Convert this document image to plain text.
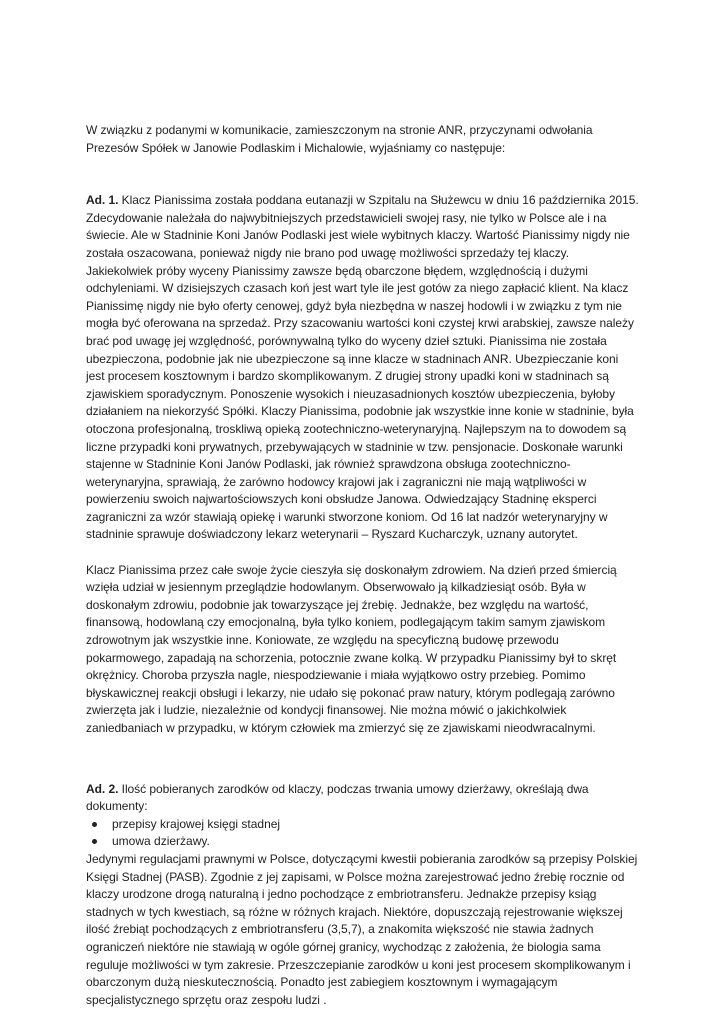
W związku z podanymi w komunikacie, zamieszczonym na stronie ANR, przyczynami odwołania Prezesów Spółek w Janowie Podlaskim i Michalowie, wyjaśniamy co następuje:

Ad. 1. Klacz Pianissima została poddana eutanazji w Szpitalu na Służewcu w dniu 16 października 2015. Zdecydowanie należała do najwybitniejszych przedstawicieli swojej rasy, nie tylko w Polsce ale i na świecie. Ale w Stadninie Koni Janów Podlaski jest wiele wybitnych klaczy. Wartość Pianissimy nigdy nie została oszacowana, ponieważ nigdy nie brano pod uwagę możliwości sprzedaży tej klaczy. Jakiekolwiek próby wyceny Pianissimy zawsze będą obarczone błędem, względnością i dużymi odchyleniami. W dzisiejszych czasach koń jest wart tyle ile jest gotów za niego zapłacić klient. Na klacz Pianissimę nigdy nie było oferty cenowej, gdyż była niezbędna w naszej hodowli i w związku z tym nie mogła być oferowana na sprzedaż. Przy szacowaniu wartości koni czystej krwi arabskiej, zawsze należy brać pod uwagę jej względność, porównywalną tylko do wyceny dzieł sztuki. Pianissima nie została ubezpieczona, podobnie jak nie ubezpieczone są inne klacze w stadninach ANR. Ubezpieczanie koni jest procesem kosztownym i bardzo skomplikowanym. Z drugiej strony upadki koni w stadninach są zjawiskiem sporadycznym. Ponoszenie wysokich i nieuzasadnionych kosztów ubezpieczenia, byłoby działaniem na niekorzyść Spółki. Klaczy Pianissima, podobnie jak wszystkie inne konie w stadninie, była otoczona profesjonalną, troskliwą opieką zootechniczno-weterynaryjną. Najlepszym na to dowodem są liczne przypadki koni prywatnych, przebywających w stadninie w tzw. pensjonacie. Doskonałe warunki stajenne w Stadninie Koni Janów Podlaski, jak również sprawdzona obsługa zootechniczno-weterynaryjna, sprawiają, że zarówno hodowcy krajowi jak i zagraniczni nie mają wątpliwości w powierzeniu swoich najwartościowszych koni obsłudze Janowa. Odwiedzający Stadninę eksperci zagraniczni za wzór stawiają opiekę i warunki stworzone koniom. Od 16 lat nadzór weterynaryjny w stadninie sprawuje doświadczony lekarz weterynarii – Ryszard Kucharczyk, uznany autorytet.

Klacz Pianissima przez całe swoje życie cieszyła się doskonałym zdrowiem. Na dzień przed śmiercią wzięła udział w jesiennym przeglądzie hodowlanym. Obserwowało ją kilkadziesiąt osób. Była w doskonałym zdrowiu, podobnie jak towarzyszące jej źrebię. Jednakże, bez względu na wartość, finansową, hodowlaną czy emocjonalną, była tylko koniem, podlegającym takim samym zjawiskom zdrowotnym jak wszystkie inne. Koniowate, ze względu na specyficzną budowę przewodu pokarmowego, zapadają na schorzenia, potocznie zwane kolką. W przypadku Pianissimy był to skręt okrężnicy. Choroba przyszła nagle, niespodziewanie i miała wyjątkowo ostry przebieg. Pomimo błyskawicznej reakcji obsługi i lekarzy, nie udało się pokonać praw natury, którym podlegają zarówno zwierzęta jak i ludzie, niezależnie od kondycji finansowej. Nie można mówić o jakichkolwiek zaniedbaniach w przypadku, w którym człowiek ma zmierzyć się ze zjawiskami nieodwracalnymi.

Ad. 2. Ilość pobieranych zarodków od klaczy, podczas trwania umowy dzierżawy, określają dwa dokumenty:

przepisy krajowej księgi stadnej
umowa dzierżawy.

Jedynymi regulacjami prawnymi w Polsce, dotyczącymi kwestii pobierania zarodków są przepisy Polskiej Księgi Stadnej (PASB). Zgodnie z jej zapisami, w Polsce można zarejestrować jedno źrebię rocznie od klaczy urodzone drogą naturalną i jedno pochodzące z embriotransferu. Jednakże przepisy ksiąg stadnych w tych kwestiach, są różne w różnych krajach. Niektóre, dopuszczają rejestrowanie większej ilość źrebiąt pochodzących z embriotransferu (3,5,7), a znakomita większość nie stawia żadnych ograniczeń niektóre nie stawiają w ogóle górnej granicy, wychodząc z założenia, że biologia sama reguluje możliwości w tym zakresie. Przeszczepianie zarodków u koni jest procesem skomplikowanym i obarczonym dużą nieskutecznością. Ponadto jest zabiegiem kosztownym i wymagającym specjalistycznego sprzętu oraz zespołu ludzi .
